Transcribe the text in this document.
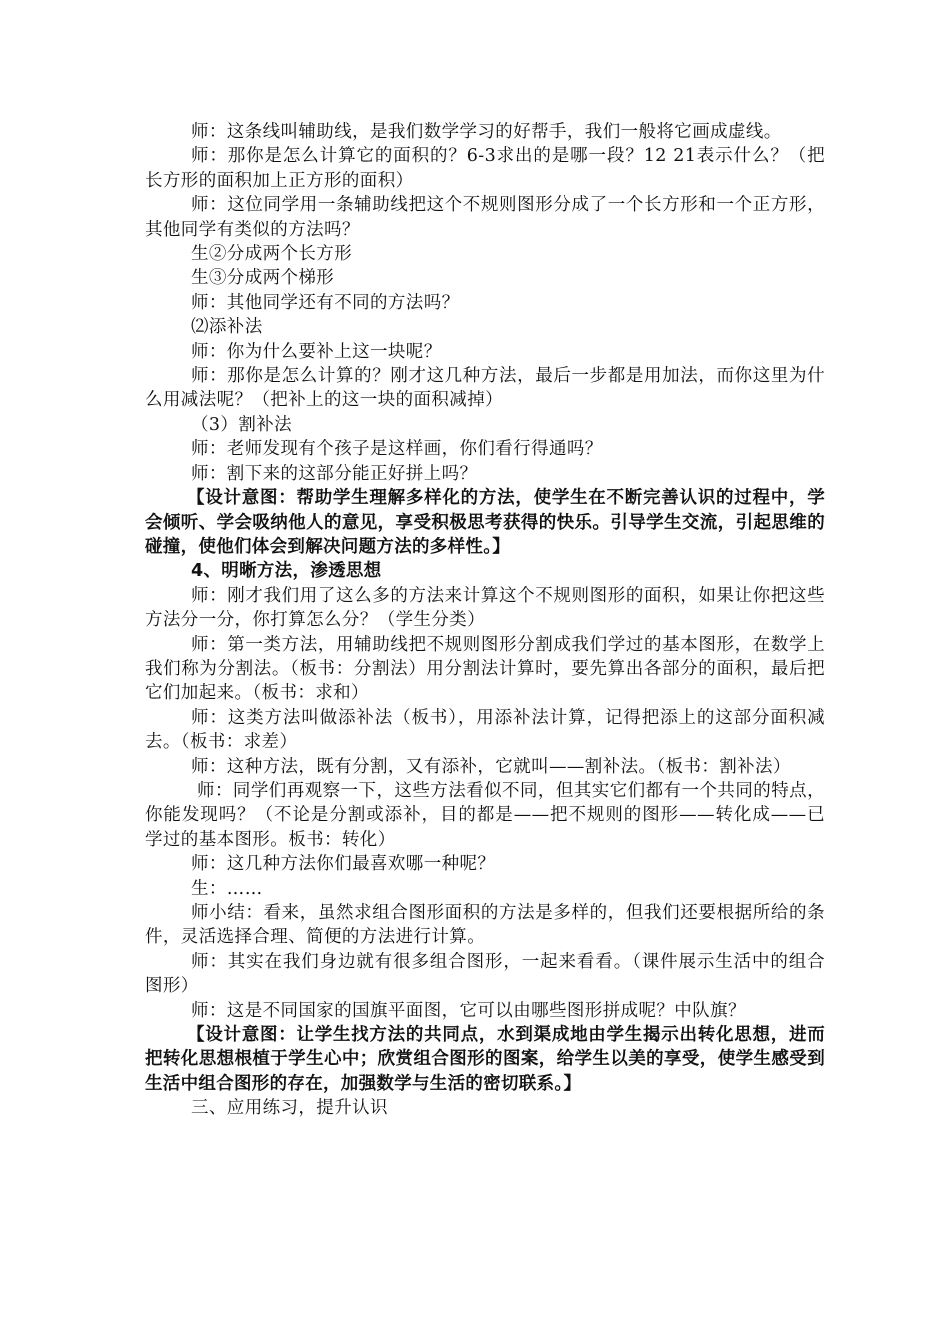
师：这条线叫辅助线，是我们数学学习的好帮手，我们一般将它画成虚线。

师：那你是怎么计算它的面积的？6-3求出的是哪一段？12 21表示什么？（把长方形的面积加上正方形的面积）

师：这位同学用一条辅助线把这个不规则图形分成了一个长方形和一个正方形，其他同学有类似的方法吗？

生②分成两个长方形

生③分成两个梯形

师：其他同学还有不同的方法吗？

⑵添补法

师：你为什么要补上这一块呢？

师：那你是怎么计算的？刚才这几种方法，最后一步都是用加法，而你这里为什么用减法呢？（把补上的这一块的面积减掉）

（3）割补法

师：老师发现有个孩子是这样画，你们看行得通吗？

师：割下来的这部分能正好拼上吗？

【设计意图：帮助学生理解多样化的方法，使学生在不断完善认识的过程中，学会倾听、学会吸纳他人的意见，享受积极思考获得的快乐。引导学生交流，引起思维的碰撞，使他们体会到解决问题方法的多样性。】

4、明晰方法，渗透思想

师：刚才我们用了这么多的方法来计算这个不规则图形的面积，如果让你把这些方法分一分，你打算怎么分？（学生分类）

师：第一类方法，用辅助线把不规则图形分割成我们学过的基本图形，在数学上我们称为分割法。（板书：分割法）用分割法计算时，要先算出各部分的面积，最后把它们加起来。（板书：求和）

师：这类方法叫做添补法（板书），用添补法计算，记得把添上的这部分面积减去。（板书：求差）

师：这种方法，既有分割，又有添补，它就叫——割补法。（板书：割补法）

师：同学们再观察一下，这些方法看似不同，但其实它们都有一个共同的特点，你能发现吗？（不论是分割或添补，目的都是——把不规则的图形——转化成——已学过的基本图形。板书：转化）

师：这几种方法你们最喜欢哪一种呢？

生：……

师小结：看来，虽然求组合图形面积的方法是多样的，但我们还要根据所给的条件，灵活选择合理、简便的方法进行计算。

师：其实在我们身边就有很多组合图形，一起来看看。（课件展示生活中的组合图形）

师：这是不同国家的国旗平面图，它可以由哪些图形拼成呢？中队旗？

【设计意图：让学生找方法的共同点，水到渠成地由学生揭示出转化思想，进而把转化思想根植于学生心中；欣赏组合图形的图案，给学生以美的享受，使学生感受到生活中组合图形的存在，加强数学与生活的密切联系。】

三、应用练习，提升认识
